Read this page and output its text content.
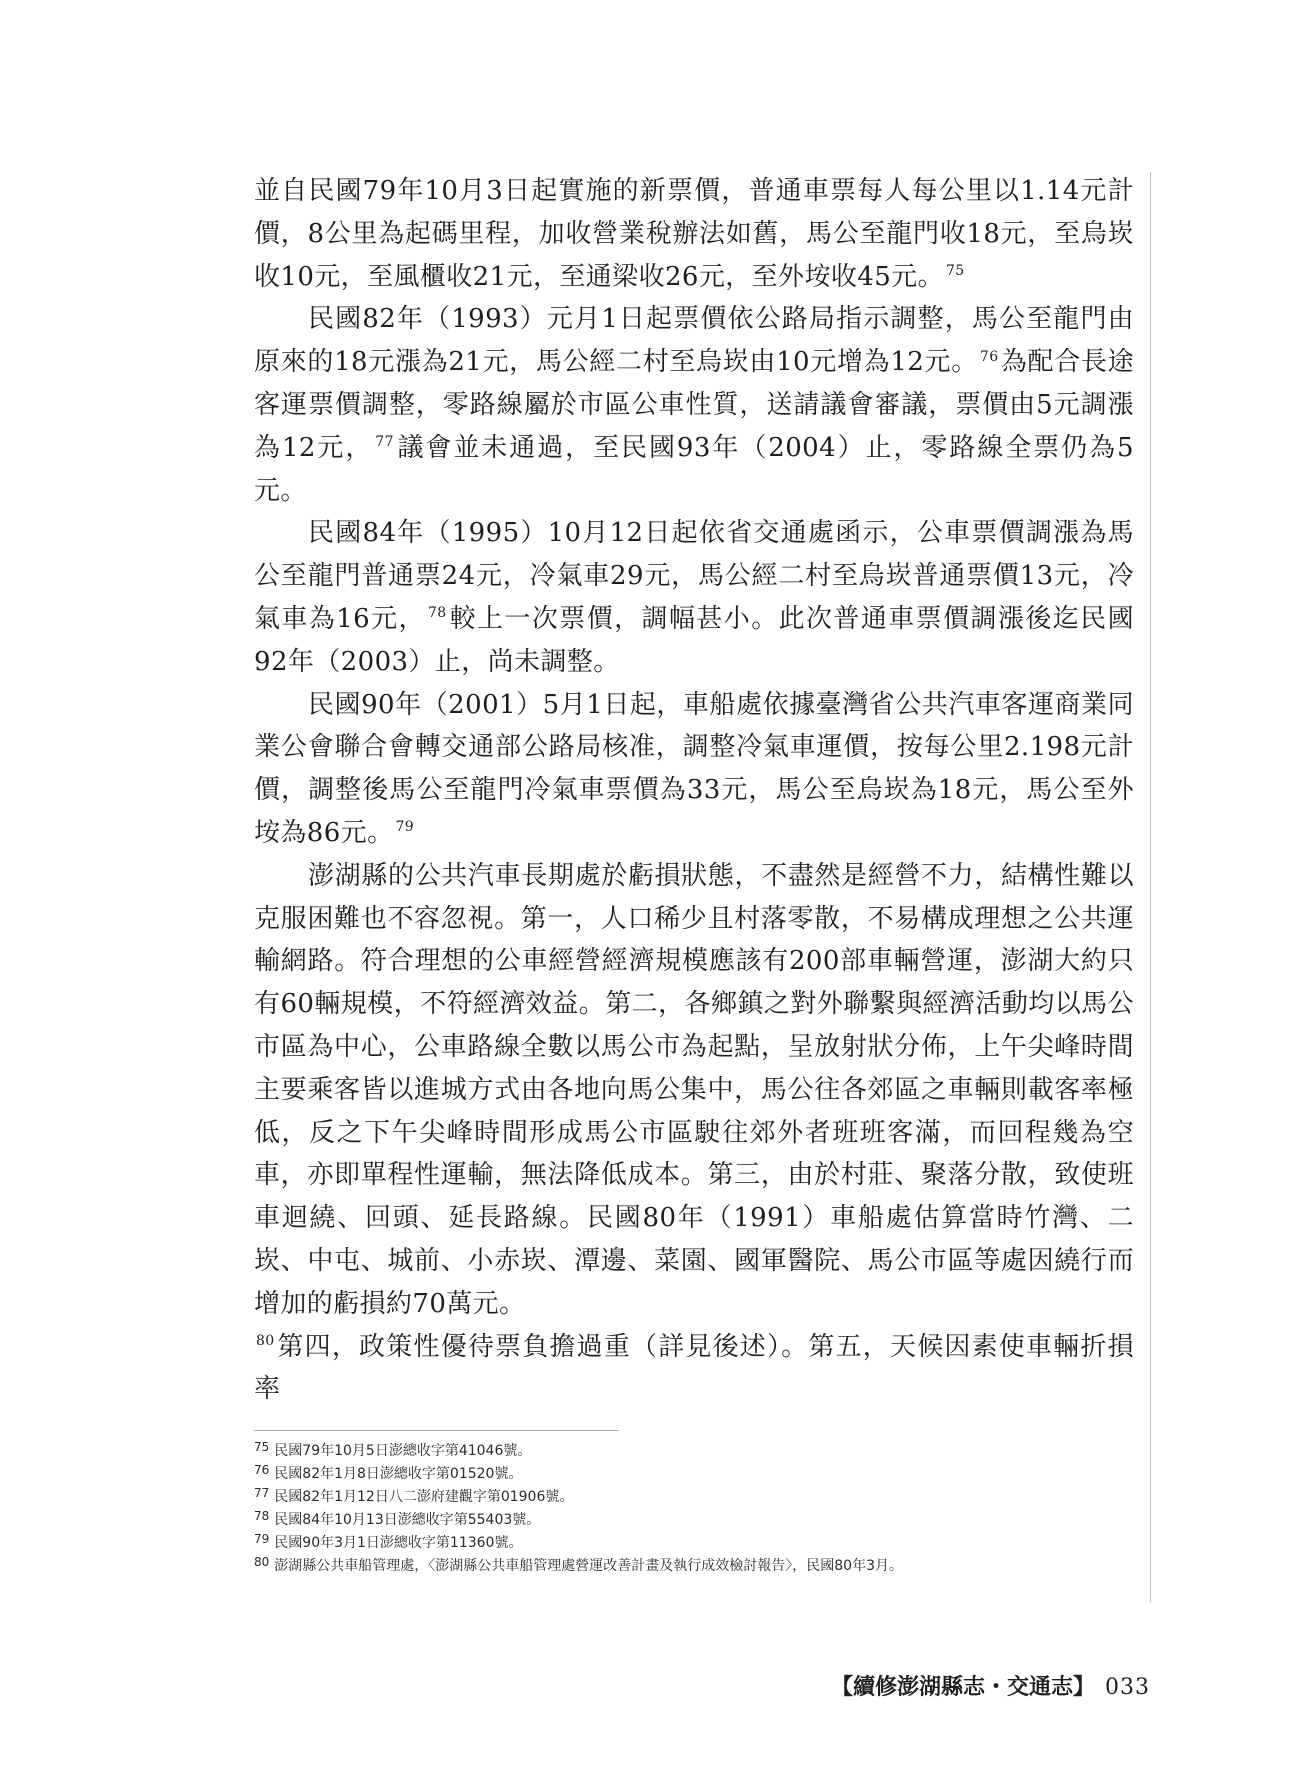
並自民國79年10月3日起實施的新票價，普通車票每人每公里以1.14元計價，8公里為起碼里程，加收營業稅辦法如舊，馬公至龍門收18元，至烏崁收10元，至風櫃收21元，至通梁收26元，至外垵收45元。 $^{75}$

民國82年（1993）元月1日起票價依公路局指示調整，馬公至龍門由原來的18元漲為21元，馬公經二村至烏崁由10元增為12元。 $^{76}$為配合長途客運票價調整，零路線屬於市區公車性質，送請議會審議，票價由5元調漲為12元， $^{77}$議會並未通過，至民國93年（2004）止，零路線全票仍為5元。

民國84年（1995）10月12日起依省交通處函示，公車票價調漲為馬公至龍門普通票24元，冷氣車29元，馬公經二村至烏崁普通票價13元，冷氣車為16元， $^{78}$較上一次票價，調幅甚小。此次普通車票價調漲後迄民國92年（2003）止，尚未調整。

民國90年（2001）5月1日起，車船處依據臺灣省公共汽車客運商業同業公會聯合會轉交通部公路局核准，調整冷氣車運價，按每公里2.198元計價，調整後馬公至龍門冷氣車票價為33元，馬公至烏崁為18元，馬公至外垵為86元。 $^{79}$

澎湖縣的公共汽車長期處於虧損狀態，不盡然是經營不力，結構性難以克服困難也不容忽視。第一，人口稀少且村落零散，不易構成理想之公共運輸網路。符合理想的公車經營經濟規模應該有200部車輛營運，澎湖大約只有60輛規模，不符經濟效益。第二，各鄉鎮之對外聯繫與經濟活動均以馬公市區為中心，公車路線全數以馬公市為起點，呈放射狀分佈，上午尖峰時間主要乘客皆以進城方式由各地向馬公集中，馬公往各郊區之車輛則載客率極低，反之下午尖峰時間形成馬公市區駛往郊外者班班客滿，而回程幾為空車，亦即單程性運輸，無法降低成本。第三，由於村莊、聚落分散，致使班車迴繞、回頭、延長路線。民國80年（1991）車船處估算當時竹灣、二崁、中屯、城前、小赤崁、潭邊、菜園、國軍醫院、馬公市區等處因繞行而增加的虧損約70萬元。

$^{80}$第四，政策性優待票負擔過重（詳見後述）。第五，天候因素使車輛折損率

75 民國79年10月5日澎總收字第41046號。
76 民國82年1月8日澎總收字第01520號。
77 民國82年1月12日八二澎府建觀字第01906號。
78 民國84年10月13日澎總收字第55403號。
79 民國90年3月1日澎總收字第11360號。
80 澎湖縣公共車船管理處，〈澎湖縣公共車船管理處營運改善計畫及執行成效檢討報告〉，民國80年3月。
【續修澎湖縣志・交通志】 033
